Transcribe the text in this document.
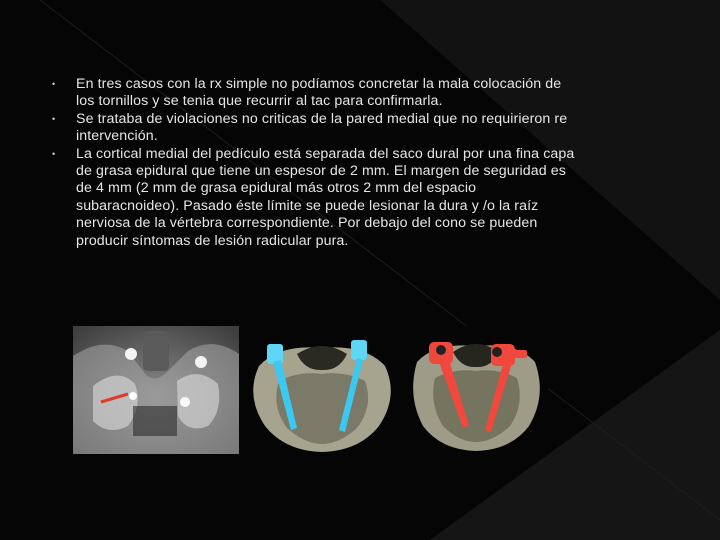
• En tres casos con la rx simple no podíamos concretar la mala colocación de los tornillos y se tenia que recurrir al tac para confirmarla.
• Se trataba de violaciones no criticas de la pared medial que no requirieron re intervención.
• La cortical medial del pedículo está separada del saco dural por una fina capa de grasa epidural que tiene un espesor de 2 mm. El margen de seguridad es de 4 mm (2 mm de grasa epidural más otros 2 mm del espacio subaracnoideo). Pasado éste límite se puede lesionar la dura y /o la raíz nerviosa de la vértebra correspondiente. Por debajo del cono se pueden producir síntomas de lesión radicular pura.
